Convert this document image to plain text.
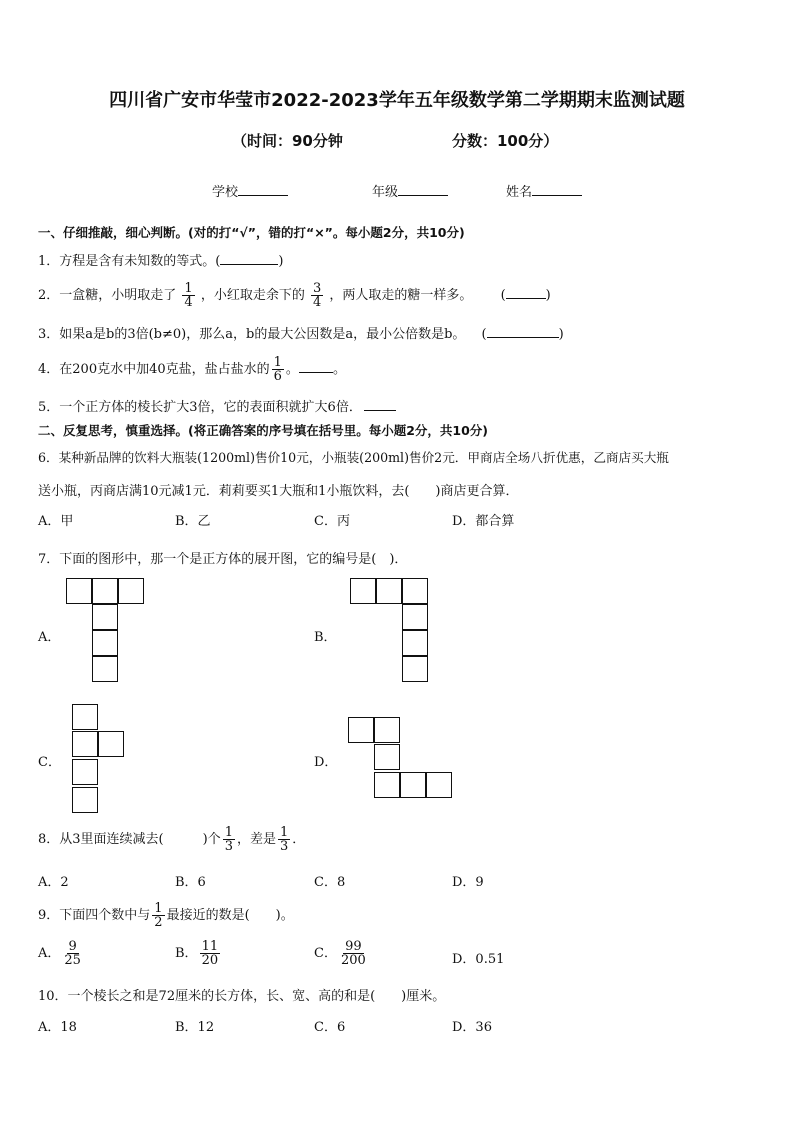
四川省广安市华莹市2022-2023学年五年级数学第二学期期末监测试题
（时间：90分钟	分数：100分）
学校	年级	姓名
一、仔细推敲，细心判断。(对的打“√”，错的打“×”。每小题2分，共10分)
1．方程是含有未知数的等式。(	)
2．一盒糖，小明取走了 $\frac{1}{4}$ ，小红取走余下的 $\frac{3}{4}$ ，两人取走的糖一样多。 (	)
3．如果a是b的3倍(b≠0)，那么a，b的最大公因数是a，最小公倍数是b。 (	)
4．在200克水中加40克盐，盐占盐水的 $\frac{1}{6}$ 。	。
5．一个正方体的棱长扩大3倍，它的表面积就扩大6倍．
二、反复思考，慎重选择。(将正确答案的序号填在括号里。每小题2分，共10分)
6．某种新品牌的饮料大瓶装(1200ml)售价10元，小瓶装(200ml)售价2元．甲商店全场八折优惠，乙商店买大瓶
送小瓶，丙商店满10元减1元．莉莉要买1大瓶和1小瓶饮料，去(　　)商店更合算．
A．甲	B．乙	C．丙	D．都合算
7．下面的图形中，那一个是正方体的展开图，它的编号是(　)．
A．	B．
C．	D．
8．从3里面连续减去(　　　)个 $\frac{1}{3}$ ，差是 $\frac{1}{3}$ ．
A．2	B．6	C．8	D．9
9．下面四个数中与 $\frac{1}{2}$ 最接近的数是(　　)。
A． $\frac{9}{25}$	B． $\frac{11}{20}$	C． $\frac{99}{200}$	D．0.51
10．一个棱长之和是72厘米的长方体，长、宽、高的和是(　　)厘米。
A．18	B．12	C．6	D．36
